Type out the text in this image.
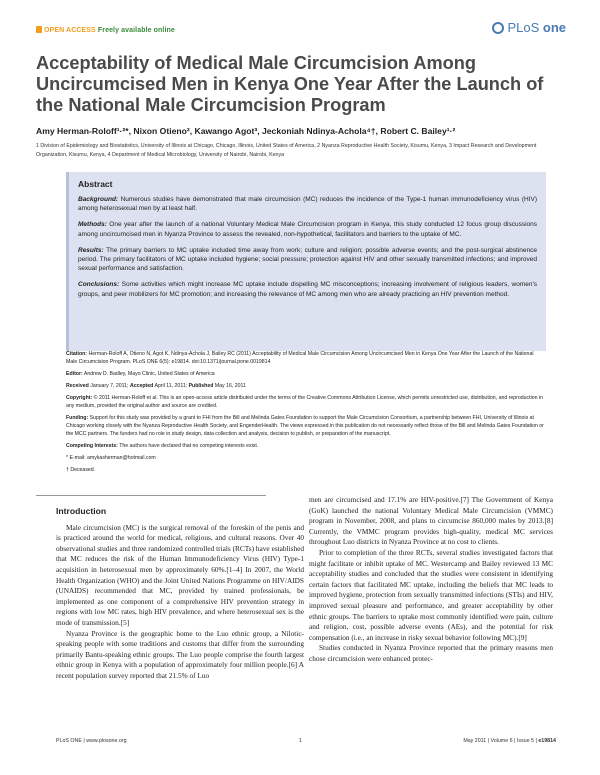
OPEN ACCESS Freely available online	PLoS one
Acceptability of Medical Male Circumcision Among Uncircumcised Men in Kenya One Year After the Launch of the National Male Circumcision Program
Amy Herman-Roloff¹·²*, Nixon Otieno², Kawango Agot³, Jeckoniah Ndinya-Achola⁴†, Robert C. Bailey¹·²
1 Division of Epidemiology and Biostatistics, University of Illinois at Chicago, Chicago, Illinois, United States of America, 2 Nyanza Reproductive Health Society, Kisumu, Kenya, 3 Impact Research and Development Organization, Kisumu, Kenya, 4 Department of Medical Microbiology, University of Nairobi, Nairobi, Kenya
Abstract

Background: Numerous studies have demonstrated that male circumcision (MC) reduces the incidence of the Type-1 human immunodeficiency virus (HIV) among heterosexual men by at least half.

Methods: One year after the launch of a national Voluntary Medical Male Circumcision program in Kenya, this study conducted 12 focus group discussions among uncircumcised men in Nyanza Province to assess the revealed, non-hypothetical, facilitators and barriers to the uptake of MC.

Results: The primary barriers to MC uptake included time away from work; culture and religion; possible adverse events; and the post-surgical abstinence period. The primary facilitators of MC uptake included hygiene; social pressure; protection against HIV and other sexually transmitted infections; and improved sexual performance and satisfaction.

Conclusions: Some activities which might increase MC uptake include dispelling MC misconceptions; increasing involvement of religious leaders, women's groups, and peer mobilizers for MC promotion; and increasing the relevance of MC among men who are already practicing an HIV prevention method.

Citation: Herman-Roloff A, Otieno N, Agot K, Ndinya-Achola J, Bailey RC (2011) Acceptability of Medical Male Circumcision Among Uncircumcised Men in Kenya One Year After the Launch of the National Male Circumcision Program. PLoS ONE 6(5): e19814. doi:10.1371/journal.pone.0019814

Editor: Andrew D. Badley, Mayo Clinic, United States of America

Received January 7, 2011; Accepted April 11, 2011; Published May 16, 2011

Copyright: © 2011 Herman-Roloff et al. This is an open-access article distributed under the terms of the Creative Commons Attribution License, which permits unrestricted use, distribution, and reproduction in any medium, provided the original author and source are credited.

Funding: Support for this study was provided by a grant to FHI from the Bill and Melinda Gates Foundation to support the Male Circumcision Consortium, a partnership between FHI, University of Illinois at Chicago working closely with the Nyanza Reproductive Health Society, and EngenderHealth. The views expressed in this publication do not necessarily reflect those of the Bill and Melinda Gates Foundation or the MCC partners. The funders had no role in study design, data collection and analysis, decision to publish, or preparation of the manuscript.

Competing Interests: The authors have declared that no competing interests exist.

* E-mail: amykasherman@hotmail.com

† Deceased.

Introduction

Male circumcision (MC) is the surgical removal of the foreskin of the penis and is practiced around the world for medical, religious, and cultural reasons. Over 40 observational studies and three randomized controlled trials (RCTs) have established that MC reduces the risk of the Human Immunodeficiency Virus (HIV) Type-1 acquisition in heterosexual men by approximately 60%.[1–4] In 2007, the World Health Organization (WHO) and the Joint United Nations Programme on HIV/AIDS (UNAIDS) recommended that MC, provided by trained professionals, be implemented as one component of a comprehensive HIV prevention strategy in regions with low MC rates, high HIV prevalence, and where heterosexual sex is the mode of transmission.[5]

Nyanza Province is the geographic home to the Luo ethnic group, a Nilotic-speaking people with some traditions and customs that differ from the surrounding primarily Bantu-speaking ethnic groups. The Luo people comprise the fourth largest ethnic group in Kenya with a population of approximately four million people.[6] A recent population survey reported that 21.5% of Luo

men are circumcised and 17.1% are HIV-positive.[7] The Government of Kenya (GoK) launched the national Voluntary Medical Male Circumcision (VMMC) program in November, 2008, and plans to circumcise 860,000 males by 2013.[8] Currently, the VMMC program provides high-quality, medical MC services throughout Luo districts in Nyanza Province at no cost to clients.

Prior to completion of the three RCTs, several studies investigated factors that might facilitate or inhibit uptake of MC. Westercamp and Bailey reviewed 13 MC acceptability studies and concluded that the studies were consistent in identifying certain factors that facilitated MC uptake, including the beliefs that MC leads to improved hygiene, protection from sexually transmitted infections (STIs) and HIV, improved sexual pleasure and performance, and greater acceptability by other ethnic groups. The barriers to uptake most commonly identified were pain, culture and religion, cost, possible adverse events (AEs), and the potential for risk compensation (i.e., an increase in risky sexual behavior following MC).[9]

Studies conducted in Nyanza Province reported that the primary reasons men chose circumcision were enhanced protec-

PLoS ONE | www.plosone.org	1	May 2011 | Volume 6 | Issue 5 | e19814
